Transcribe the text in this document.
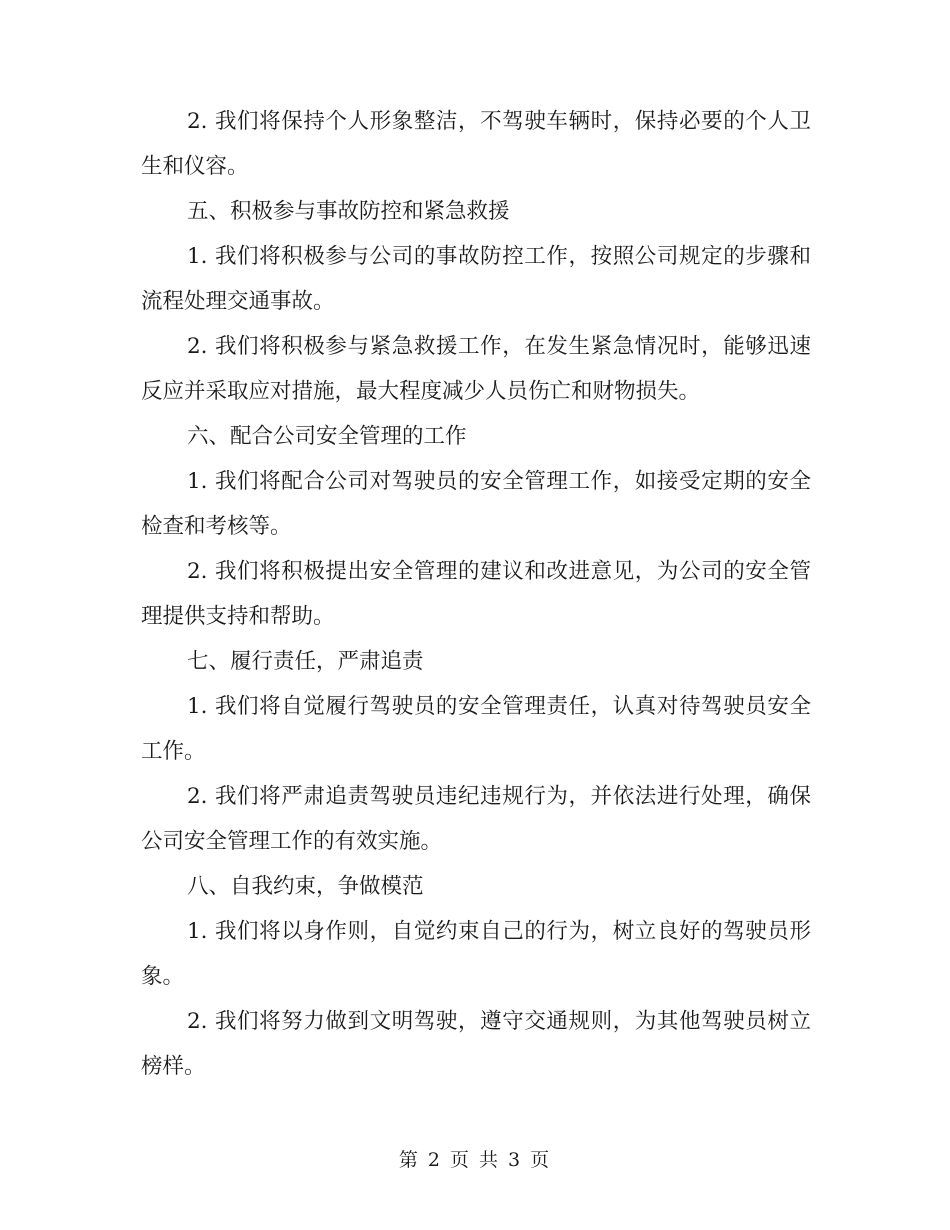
2. 我们将保持个人形象整洁，不驾驶车辆时，保持必要的个人卫生和仪容。

五、积极参与事故防控和紧急救援

1. 我们将积极参与公司的事故防控工作，按照公司规定的步骤和流程处理交通事故。

2. 我们将积极参与紧急救援工作，在发生紧急情况时，能够迅速反应并采取应对措施，最大程度减少人员伤亡和财物损失。

六、配合公司安全管理的工作

1. 我们将配合公司对驾驶员的安全管理工作，如接受定期的安全检查和考核等。

2. 我们将积极提出安全管理的建议和改进意见，为公司的安全管理提供支持和帮助。

七、履行责任，严肃追责

1. 我们将自觉履行驾驶员的安全管理责任，认真对待驾驶员安全工作。

2. 我们将严肃追责驾驶员违纪违规行为，并依法进行处理，确保公司安全管理工作的有效实施。

八、自我约束，争做模范

1. 我们将以身作则，自觉约束自己的行为，树立良好的驾驶员形象。

2. 我们将努力做到文明驾驶，遵守交通规则，为其他驾驶员树立榜样。

第 2 页 共 3 页
